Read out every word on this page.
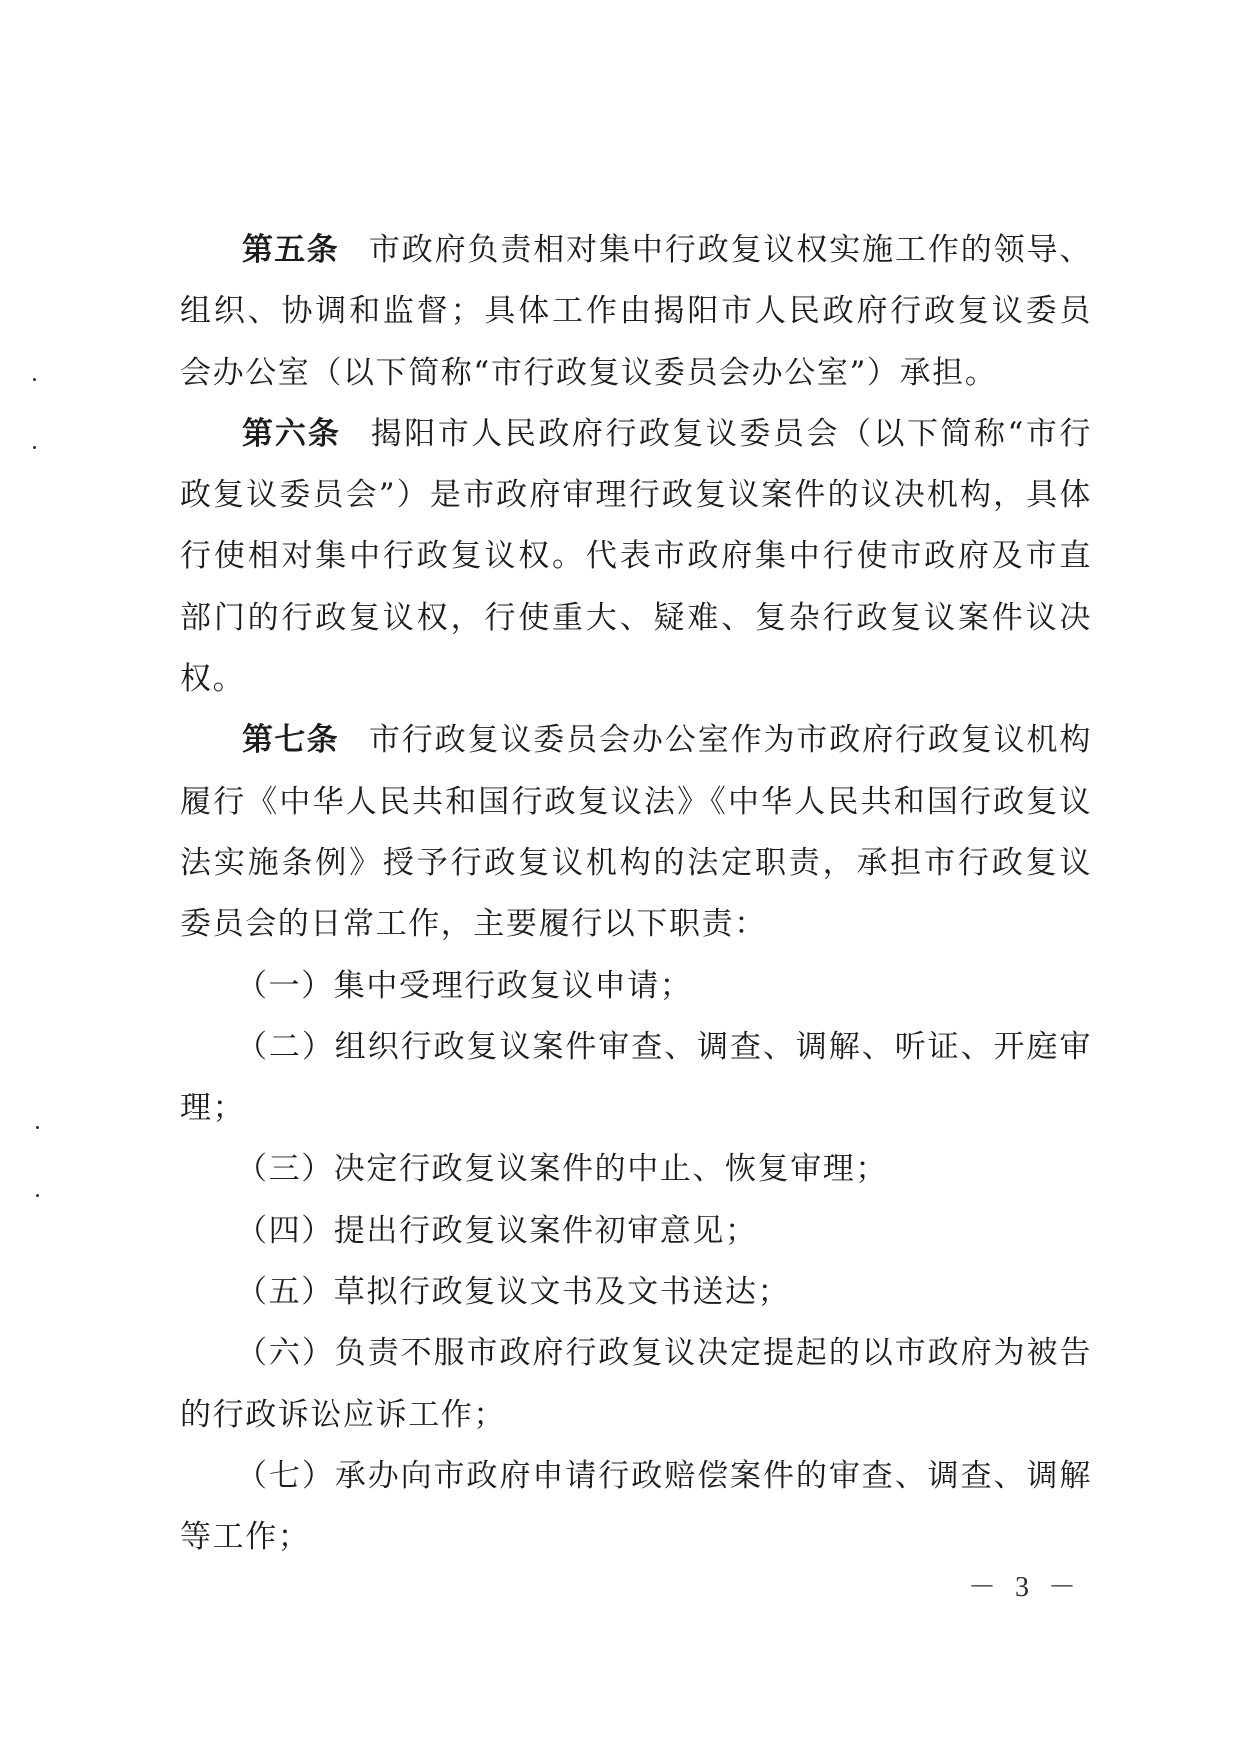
第五条 市政府负责相对集中行政复议权实施工作的领导、组织、协调和监督；具体工作由揭阳市人民政府行政复议委员会办公室（以下简称“市行政复议委员会办公室”）承担。

第六条 揭阳市人民政府行政复议委员会（以下简称“市行政复议委员会”）是市政府审理行政复议案件的议决机构，具体行使相对集中行政复议权。代表市政府集中行使市政府及市直部门的行政复议权，行使重大、疑难、复杂行政复议案件议决权。

第七条 市行政复议委员会办公室作为市政府行政复议机构履行《中华人民共和国行政复议法》《中华人民共和国行政复议法实施条例》授予行政复议机构的法定职责，承担市行政复议委员会的日常工作，主要履行以下职责：

（一）集中受理行政复议申请；

（二）组织行政复议案件审查、调查、调解、听证、开庭审理；

（三）决定行政复议案件的中止、恢复审理；

（四）提出行政复议案件初审意见；

（五）草拟行政复议文书及文书送达；

（六）负责不服市政府行政复议决定提起的以市政府为被告的行政诉讼应诉工作；

（七）承办向市政府申请行政赔偿案件的审查、调查、调解等工作；

－ 3 －
